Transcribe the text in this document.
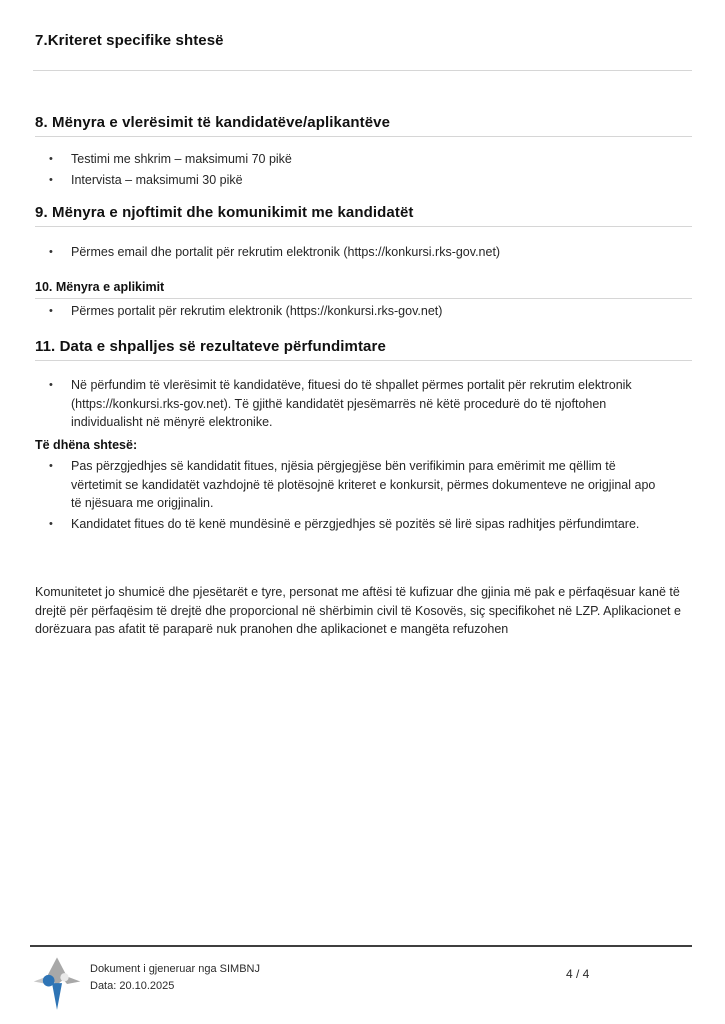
7.Kriteret specifike shtesë
8. Mënyra e vlerësimit të kandidatëve/aplikantëve
• Testimi me shkrim – maksimumi 70 pikë
• Intervista – maksimumi 30 pikë
9. Mënyra e njoftimit dhe komunikimit me kandidatët
• Përmes email dhe portalit për rekrutim elektronik (https://konkursi.rks-gov.net)
10. Mënyra e aplikimit
• Përmes portalit për rekrutim elektronik (https://konkursi.rks-gov.net)
11. Data e shpalljes së rezultateve përfundimtare
• Në përfundim të vlerësimit të kandidatëve, fituesi do të shpallet përmes portalit për rekrutim elektronik (https://konkursi.rks-gov.net). Të gjithë kandidatët pjesëmarrës në këtë procedurë do të njoftohen individualisht në mënyrë elektronike.
Të dhëna shtesë:
• Pas përzgjedhjes së kandidatit fitues, njësia përgjegjëse bën verifikimin para emërimit me qëllim të vërtetimit se kandidatët vazhdojnë të plotësojnë kriteret e konkursit, përmes dokumenteve ne origjinal apo të njësuara me origjinalin.
• Kandidatet fitues do të kenë mundësinë e përzgjedhjes së pozitës së lirë sipas radhitjes përfundimtare.

Komunitetet jo shumicë dhe pjesëtarët e tyre, personat me aftësi të kufizuar dhe gjinia më pak e përfaqësuar kanë të drejtë për përfaqësim të drejtë dhe proporcional në shërbimin civil të Kosovës, siç specifikohet në LZP. Aplikacionet e dorëzuara pas afatit të paraparë nuk pranohen dhe aplikacionet e mangëta refuzohen

Dokument i gjeneruar nga SIMBNJ
Data: 20.10.2025
4 / 4
